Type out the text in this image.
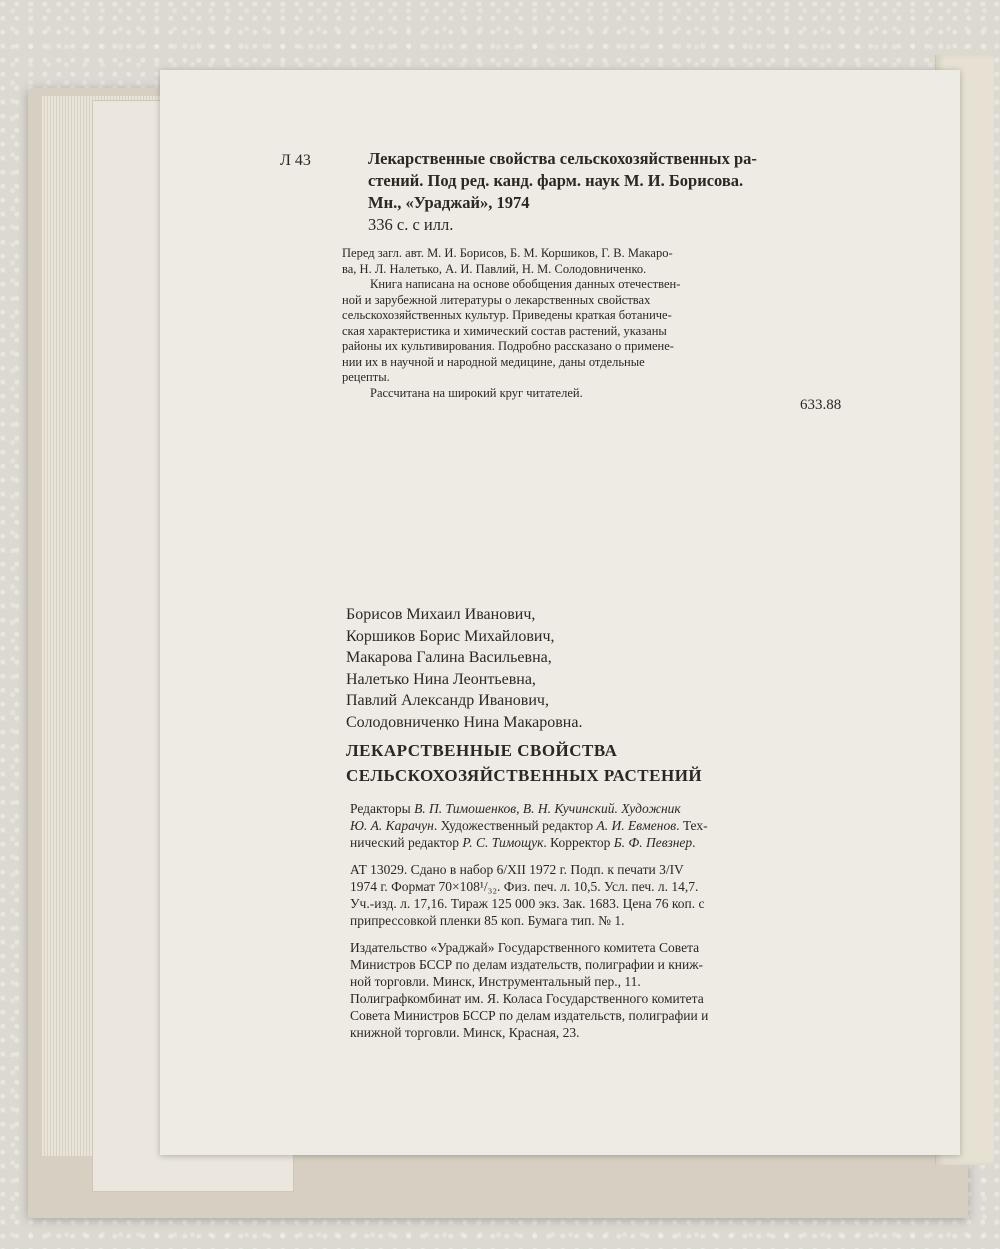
Л 43	Лекарственные свойства сельскохозяйственных ра-
стений. Под ред. канд. фарм. наук М. И. Борисова.
Мн., «Ураджай», 1974
336 с. с илл.
Перед загл. авт. М. И. Борисов, Б. М. Коршиков, Г. В. Макаро-
ва, Н. Л. Налетько, А. И. Павлий, Н. М. Солодовниченко.
Книга написана на основе обобщения данных отечествен-
ной и зарубежной литературы о лекарственных свойствах
сельскохозяйственных культур. Приведены краткая ботаниче-
ская характеристика и химический состав растений, указаны
районы их культивирования. Подробно рассказано о примене-
нии их в научной и народной медицине, даны отдельные
рецепты.
Рассчитана на широкий круг читателей.
633.88
Борисов Михаил Иванович,
Коршиков Борис Михайлович,
Макарова Галина Васильевна,
Налетько Нина Леонтьевна,
Павлий Александр Иванович,
Солодовниченко Нина Макаровна.
ЛЕКАРСТВЕННЫЕ СВОЙСТВА
СЕЛЬСКОХОЗЯЙСТВЕННЫХ РАСТЕНИЙ
Редакторы В. П. Тимошенков, В. Н. Кучинский. Художник
Ю. А. Карачун. Художественный редактор А. И. Евменов. Тех-
нический редактор Р. С. Тимощук. Корректор Б. Ф. Певзнер.
АТ 13029. Сдано в набор 6/XII 1972 г. Подп. к печати 3/IV
1974 г. Формат 70×108¹/₃₂. Физ. печ. л. 10,5. Усл. печ. л. 14,7.
Уч.-изд. л. 17,16. Тираж 125 000 экз. Зак. 1683. Цена 76 коп. с
припрессовкой пленки 85 коп. Бумага тип. № 1.
Издательство «Ураджай» Государственного комитета Совета
Министров БССР по делам издательств, полиграфии и книж-
ной торговли. Минск, Инструментальный пер., 11.
Полиграфкомбинат им. Я. Коласа Государственного комитета
Совета Министров БССР по делам издательств, полиграфии и
книжной торговли. Минск, Красная, 23.
